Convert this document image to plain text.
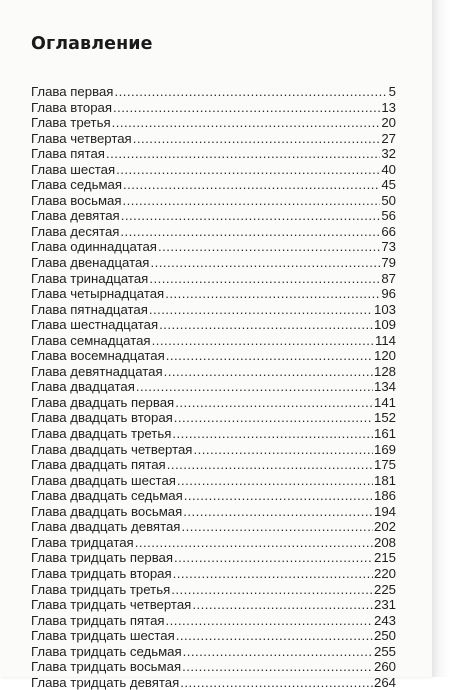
Оглавление
Глава первая . . .	5
Глава вторая . . .	13
Глава третья . . .	20
Глава четвертая . . .	27
Глава пятая . . .	32
Глава шестая . . .	40
Глава седьмая . . .	45
Глава восьмая . . .	50
Глава девятая . . .	56
Глава десятая . . .	66
Глава одиннадцатая . . .	73
Глава двенадцатая . . .	79
Глава тринадцатая . . .	87
Глава четырнадцатая . . .	96
Глава пятнадцатая . . .	103
Глава шестнадцатая . . .	109
Глава семнадцатая . . .	114
Глава восемнадцатая . . .	120
Глава девятнадцатая . . .	128
Глава двадцатая . . .	134
Глава двадцать первая . . .	141
Глава двадцать вторая . . .	152
Глава двадцать третья . . .	161
Глава двадцать четвертая . . .	169
Глава двадцать пятая . . .	175
Глава двадцать шестая . . .	181
Глава двадцать седьмая . . .	186
Глава двадцать восьмая . . .	194
Глава двадцать девятая . . .	202
Глава тридцатая . . .	208
Глава тридцать первая . . .	215
Глава тридцать вторая . . .	220
Глава тридцать третья . . .	225
Глава тридцать четвертая . . .	231
Глава тридцать пятая . . .	243
Глава тридцать шестая . . .	250
Глава тридцать седьмая . . .	255
Глава тридцать восьмая . . .	260
Глава тридцать девятая . . .	264
